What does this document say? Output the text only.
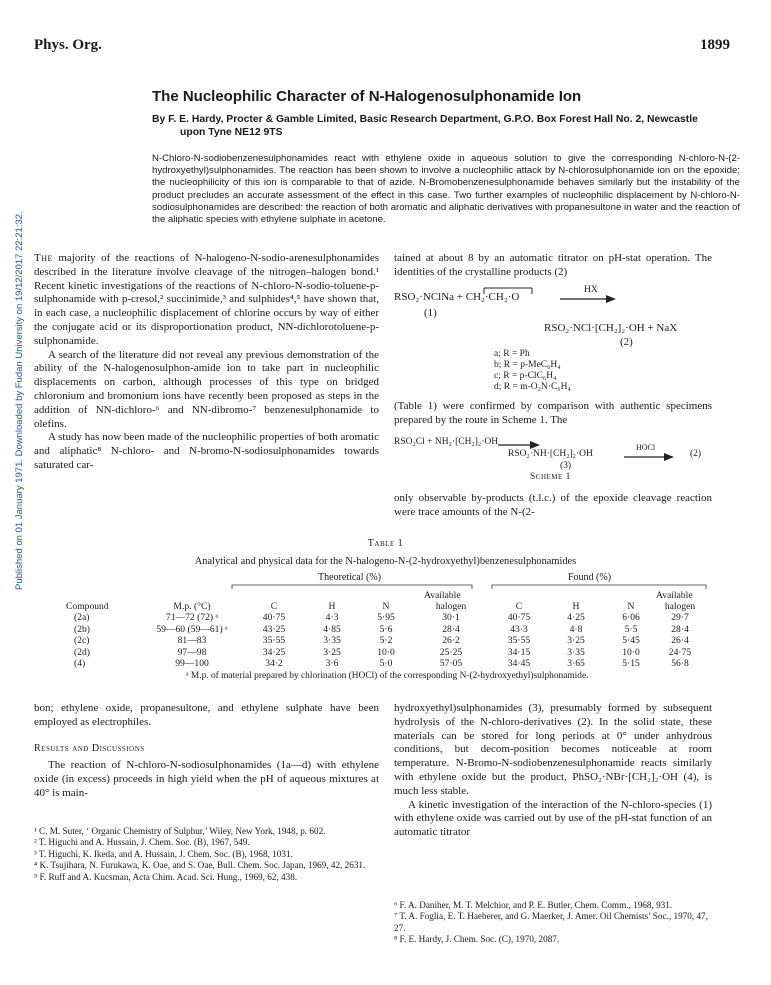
Phys. Org.	1899
Published on 01 January 1971. Downloaded by Fudan University on 19/12/2017 22:21:32.
The Nucleophilic Character of N-Halogenosulphonamide Ion
By F. E. Hardy, Procter & Gamble Limited, Basic Research Department, G.P.O. Box Forest Hall No. 2, Newcastle
upon Tyne NE12 9TS
N-Chloro-N-sodiobenzenesulphonamides react with ethylene oxide in aqueous solution to give the corresponding N-chloro-N-(2-hydroxyethyl)sulphonamides. The reaction has been shown to involve a nucleophilic attack by N-chlorosulphonamide ion on the epoxide; the nucleophilicity of this ion is comparable to that of azide. N-Bromobenzenesulphonamide behaves similarly but the instability of the product precludes an accurate assessment of the effect in this case. Two further examples of nucleophilic displacement by N-chloro-N-sodiosulphonamides are described: the reaction of both aromatic and aliphatic derivatives with propanesultone in water and the reaction of the aliphatic species with ethylene sulphate in acetone.

The majority of the reactions of N-halogeno-N-sodio-arenesulphonamides described in the literature involve cleavage of the nitrogen–halogen bond.¹ Recent kinetic investigations of the reactions of N-chloro-N-sodio-toluene-p-sulphonamide with p-cresol,² succinimide,³ and sulphides⁴,⁵ have shown that, in each case, a nucleophilic displacement of chlorine occurs by way of either the conjugate acid or its disproportionation product, NN-dichlorotoluene-p-sulphonamide.

A search of the literature did not reveal any previous demonstration of the ability of the N-halogenosulphon-amide ion to take part in nucleophilic displacements on carbon, although processes of this type on bridged chloronium and bromonium ions have recently been proposed as steps in the addition of NN-dichloro-⁶ and NN-dibromo-⁷ benzenesulphonamide to olefins.

A study has now been made of the nucleophilic properties of both aromatic and aliphatic⁸ N-chloro- and N-bromo-N-sodiosulphonamides towards saturated car-

tained at about 8 by an automatic titrator on pH-stat operation. The identities of the crystalline products (2)
RSO₂·NClNa + CH₂·CH₂·O
HX
(1)
RSO₂·NCl·[CH₂]₂·OH + NaX
(2)
a; R = Ph
b; R = p-MeC₆H₄
c; R = p-ClC₆H₄
d; R = m-O₂N·C₆H₄
(Table 1) were confirmed by comparison with authentic specimens prepared by the route in Scheme 1. The
RSO₂Cl + NH₂·[CH₂]₂·OH
RSO₂·NH·[CH₂]₂·OH
(3)
HOCl
(2)
Scheme 1
only observable by-products (t.l.c.) of the epoxide cleavage reaction were trace amounts of the N-(2-
Table 1
Analytical and physical data for the N-halogeno-N-(2-hydroxyethyl)benzenesulphonamides
Theoretical (%)	Found (%)
Available	Available
Compound	M.p. (°C)	C	H	N	halogen	C	H	N	halogen
(2a)	71—72 (72) ᵃ	40·75	4·3	5·95	30·1	40·75	4·25	6·06	29·7
(2b)	59—60 (59—61) ᵃ	43·25	4·85	5·6	28·4	43·3	4·8	5·5	28·4
(2c)	81—83	35·55	3·35	5·2	26·2	35·55	3·25	5·45	26·4
(2d)	97—98	34·25	3·25	10·0	25·25	34·15	3·35	10·0	24·75
(4)	99—100	34·2	3·6	5·0	57·05	34·45	3·65	5·15	56·8
ᵃ M.p. of material prepared by chlorination (HOCl) of the corresponding N-(2-hydroxyethyl)sulphonamide.

bon; ethylene oxide, propanesultone, and ethylene sulphate have been employed as electrophiles.

Results and Discussions

The reaction of N-chloro-N-sodiosulphonamides (1a—d) with ethylene oxide (in excess) proceeds in high yield when the pH of aqueous mixtures at 40° is main-

¹ C. M. Suter, ‘ Organic Chemistry of Sulphur,’ Wiley, New York, 1948, p. 602.

² T. Higuchi and A. Hussain, J. Chem. Soc. (B), 1967, 549.

³ T. Higuchi, K. Ikeda, and A. Hussain, J. Chem. Soc. (B), 1968, 1031.

⁴ K. Tsujihara, N. Furukawa, K. Oae, and S. Oae, Bull. Chem. Soc. Japan, 1969, 42, 2631.

⁵ F. Ruff and A. Kucsman, Acta Chim. Acad. Sci. Hung., 1969, 62, 438.

hydroxyethyl)sulphonamides (3), presumably formed by subsequent hydrolysis of the N-chloro-derivatives (2). In the solid state, these materials can be stored for long periods at 0° under anhydrous conditions, but decom-position becomes noticeable at room temperature. N-Bromo-N-sodiobenzenesulphonamide reacts similarly with ethylene oxide but the product, PhSO₂·NBr·[CH₂]₂·OH (4), is much less stable.

A kinetic investigation of the interaction of the N-chloro-species (1) with ethylene oxide was carried out by use of the pH-stat function of an automatic titrator

⁶ F. A. Daniher, M. T. Melchior, and P. E. Butler, Chem. Comm., 1968, 931.

⁷ T. A. Foglia, E. T. Haeberer, and G. Maerker, J. Amer. Oil Chemists’ Soc., 1970, 47, 27.

⁸ F. E. Hardy, J. Chem. Soc. (C), 1970, 2087.
